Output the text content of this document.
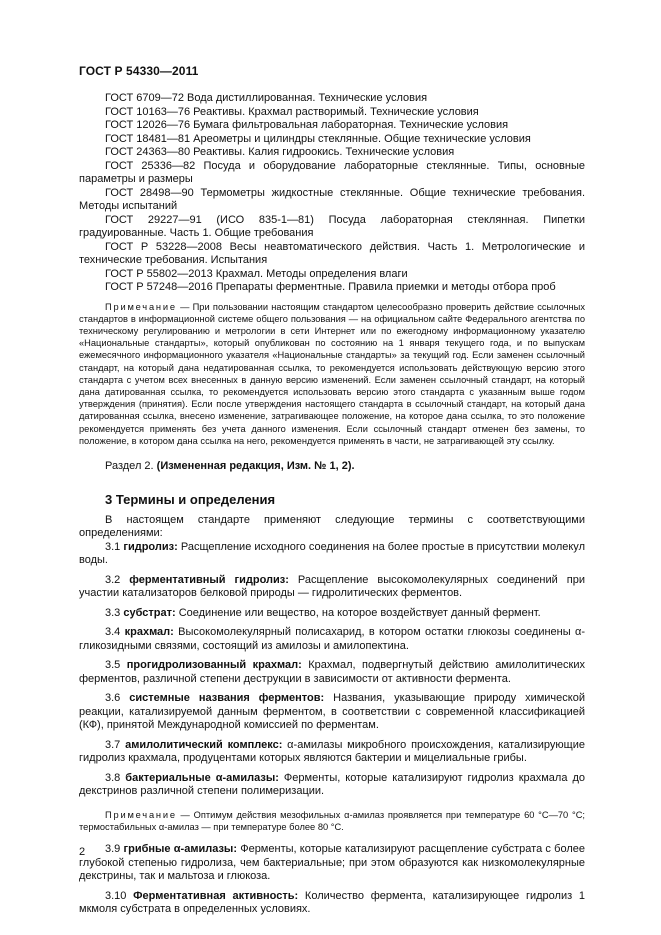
ГОСТ Р 54330—2011

ГОСТ 6709—72 Вода дистиллированная. Технические условия

ГОСТ 10163—76 Реактивы. Крахмал растворимый. Технические условия

ГОСТ 12026—76 Бумага фильтровальная лабораторная. Технические условия

ГОСТ 18481—81 Ареометры и цилиндры стеклянные. Общие технические условия

ГОСТ 24363—80 Реактивы. Калия гидроокись. Технические условия

ГОСТ 25336—82 Посуда и оборудование лабораторные стеклянные. Типы, основные параметры и размеры

ГОСТ 28498—90 Термометры жидкостные стеклянные. Общие технические требования. Методы испытаний

ГОСТ 29227—91 (ИСО 835-1—81) Посуда лабораторная стеклянная. Пипетки градуированные. Часть 1. Общие требования

ГОСТ Р 53228—2008 Весы неавтоматического действия. Часть 1. Метрологические и технические требования. Испытания

ГОСТ Р 55802—2013 Крахмал. Методы определения влаги

ГОСТ Р 57248—2016 Препараты ферментные. Правила приемки и методы отбора проб

Примечание — При пользовании настоящим стандартом целесообразно проверить действие ссылочных стандартов в информационной системе общего пользования — на официальном сайте Федерального агентства по техническому регулированию и метрологии в сети Интернет или по ежегодному информационному указателю «Национальные стандарты», который опубликован по состоянию на 1 января текущего года, и по выпускам ежемесячного информационного указателя «Национальные стандарты» за текущий год. Если заменен ссылочный стандарт, на который дана недатированная ссылка, то рекомендуется использовать действующую версию этого стандарта с учетом всех внесенных в данную версию изменений. Если заменен ссылочный стандарт, на который дана датированная ссылка, то рекомендуется использовать версию этого стандарта с указанным выше годом утверждения (принятия). Если после утверждения настоящего стандарта в ссылочный стандарт, на который дана датированная ссылка, внесено изменение, затрагивающее положение, на которое дана ссылка, то это положение рекомендуется применять без учета данного изменения. Если ссылочный стандарт отменен без замены, то положение, в котором дана ссылка на него, рекомендуется применять в части, не затрагивающей эту ссылку.
Раздел 2. (Измененная редакция, Изм. № 1, 2).
3 Термины и определения

В настоящем стандарте применяют следующие термины с соответствующими определениями:

3.1 гидролиз: Расщепление исходного соединения на более простые в присутствии молекул воды.

3.2 ферментативный гидролиз: Расщепление высокомолекулярных соединений при участии катализаторов белковой природы — гидролитических ферментов.

3.3 субстрат: Соединение или вещество, на которое воздействует данный фермент.

3.4 крахмал: Высокомолекулярный полисахарид, в котором остатки глюкозы соединены α-гликозидными связями, состоящий из амилозы и амилопектина.

3.5 прогидролизованный крахмал: Крахмал, подвергнутый действию амилолитических ферментов, различной степени деструкции в зависимости от активности фермента.

3.6 системные названия ферментов: Названия, указывающие природу химической реакции, катализируемой данным ферментом, в соответствии с современной классификацией (КФ), принятой Международной комиссией по ферментам.

3.7 амилолитический комплекс: α-амилазы микробного происхождения, катализирующие гидролиз крахмала, продуцентами которых являются бактерии и мицелиальные грибы.

3.8 бактериальные α-амилазы: Ферменты, которые катализируют гидролиз крахмала до декстринов различной степени полимеризации.

Примечание — Оптимум действия мезофильных α-амилаз проявляется при температуре 60 °С—70 °С; термостабильных α-амилаз — при температуре более 80 °С.

3.9 грибные α-амилазы: Ферменты, которые катализируют расщепление субстрата с более глубокой степенью гидролиза, чем бактериальные; при этом образуются как низкомолекулярные декстрины, так и мальтоза и глюкоза.

3.10 Ферментативная активность: Количество фермента, катализирующее гидролиз 1 мкмоля субстрата в определенных условиях.

2
